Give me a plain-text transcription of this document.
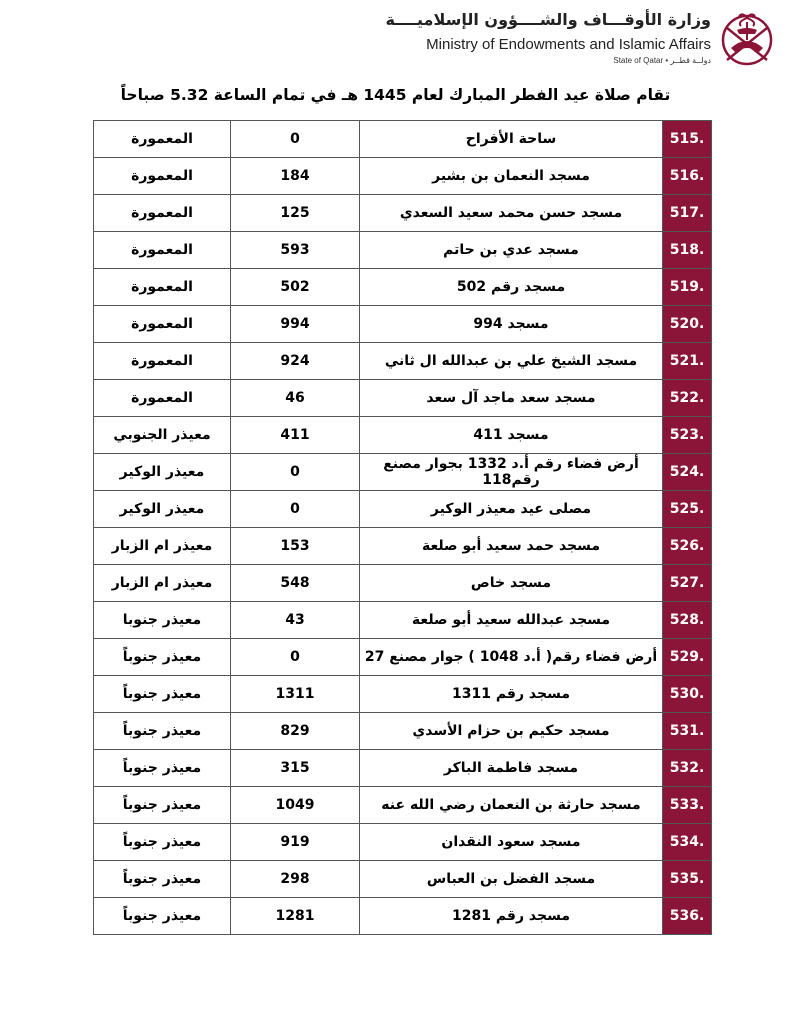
وزارة الأوقـــاف والشــــؤون الإسلاميــــة
Ministry of Endowments and Islamic Affairs
State of Qatar • دولــة قطــر
تقام صلاة عيد الفطر المبارك لعام 1445 هـ في تمام الساعة 5.32 صباحاً
515.	ساحة الأفراح	0	المعمورة
516.	مسجد النعمان بن بشير	184	المعمورة
517.	مسجد حسن محمد سعيد السعدي	125	المعمورة
518.	مسجد عدي بن حاتم	593	المعمورة
519.	مسجد رقم 502	502	المعمورة
520.	مسجد 994	994	المعمورة
521.	مسجد الشيخ علي بن عبدالله ال ثاني	924	المعمورة
522.	مسجد سعد ماجد آل سعد	46	المعمورة
523.	مسجد 411	411	معيذر الجنوبي
524.	أرض فضاء رقم أ.د 1332 بجوار مصنع رقم118	0	معيذر الوكير
525.	مصلى عيد معيذر الوكير	0	معيذر الوكير
526.	مسجد حمد سعيد أبو صلعة	153	معيذر ام الزبار
527.	مسجد خاص	548	معيذر ام الزبار
528.	مسجد عبدالله سعيد أبو صلعة	43	معيذر جنوبا
529.	أرض فضاء رقم( أ.د 1048 ) جوار مصنع 27	0	معيذر جنوباً
530.	مسجد رقم 1311	1311	معيذر جنوباً
531.	مسجد حكيم بن حزام الأسدي	829	معيذر جنوباً
532.	مسجد فاطمة الباكر	315	معيذر جنوباً
533.	مسجد حارثة بن النعمان رضي الله عنه	1049	معيذر جنوباً
534.	مسجد سعود النقدان	919	معيذر جنوباً
535.	مسجد الفضل بن العباس	298	معيذر جنوباً
536.	مسجد رقم 1281	1281	معيذر جنوباً
